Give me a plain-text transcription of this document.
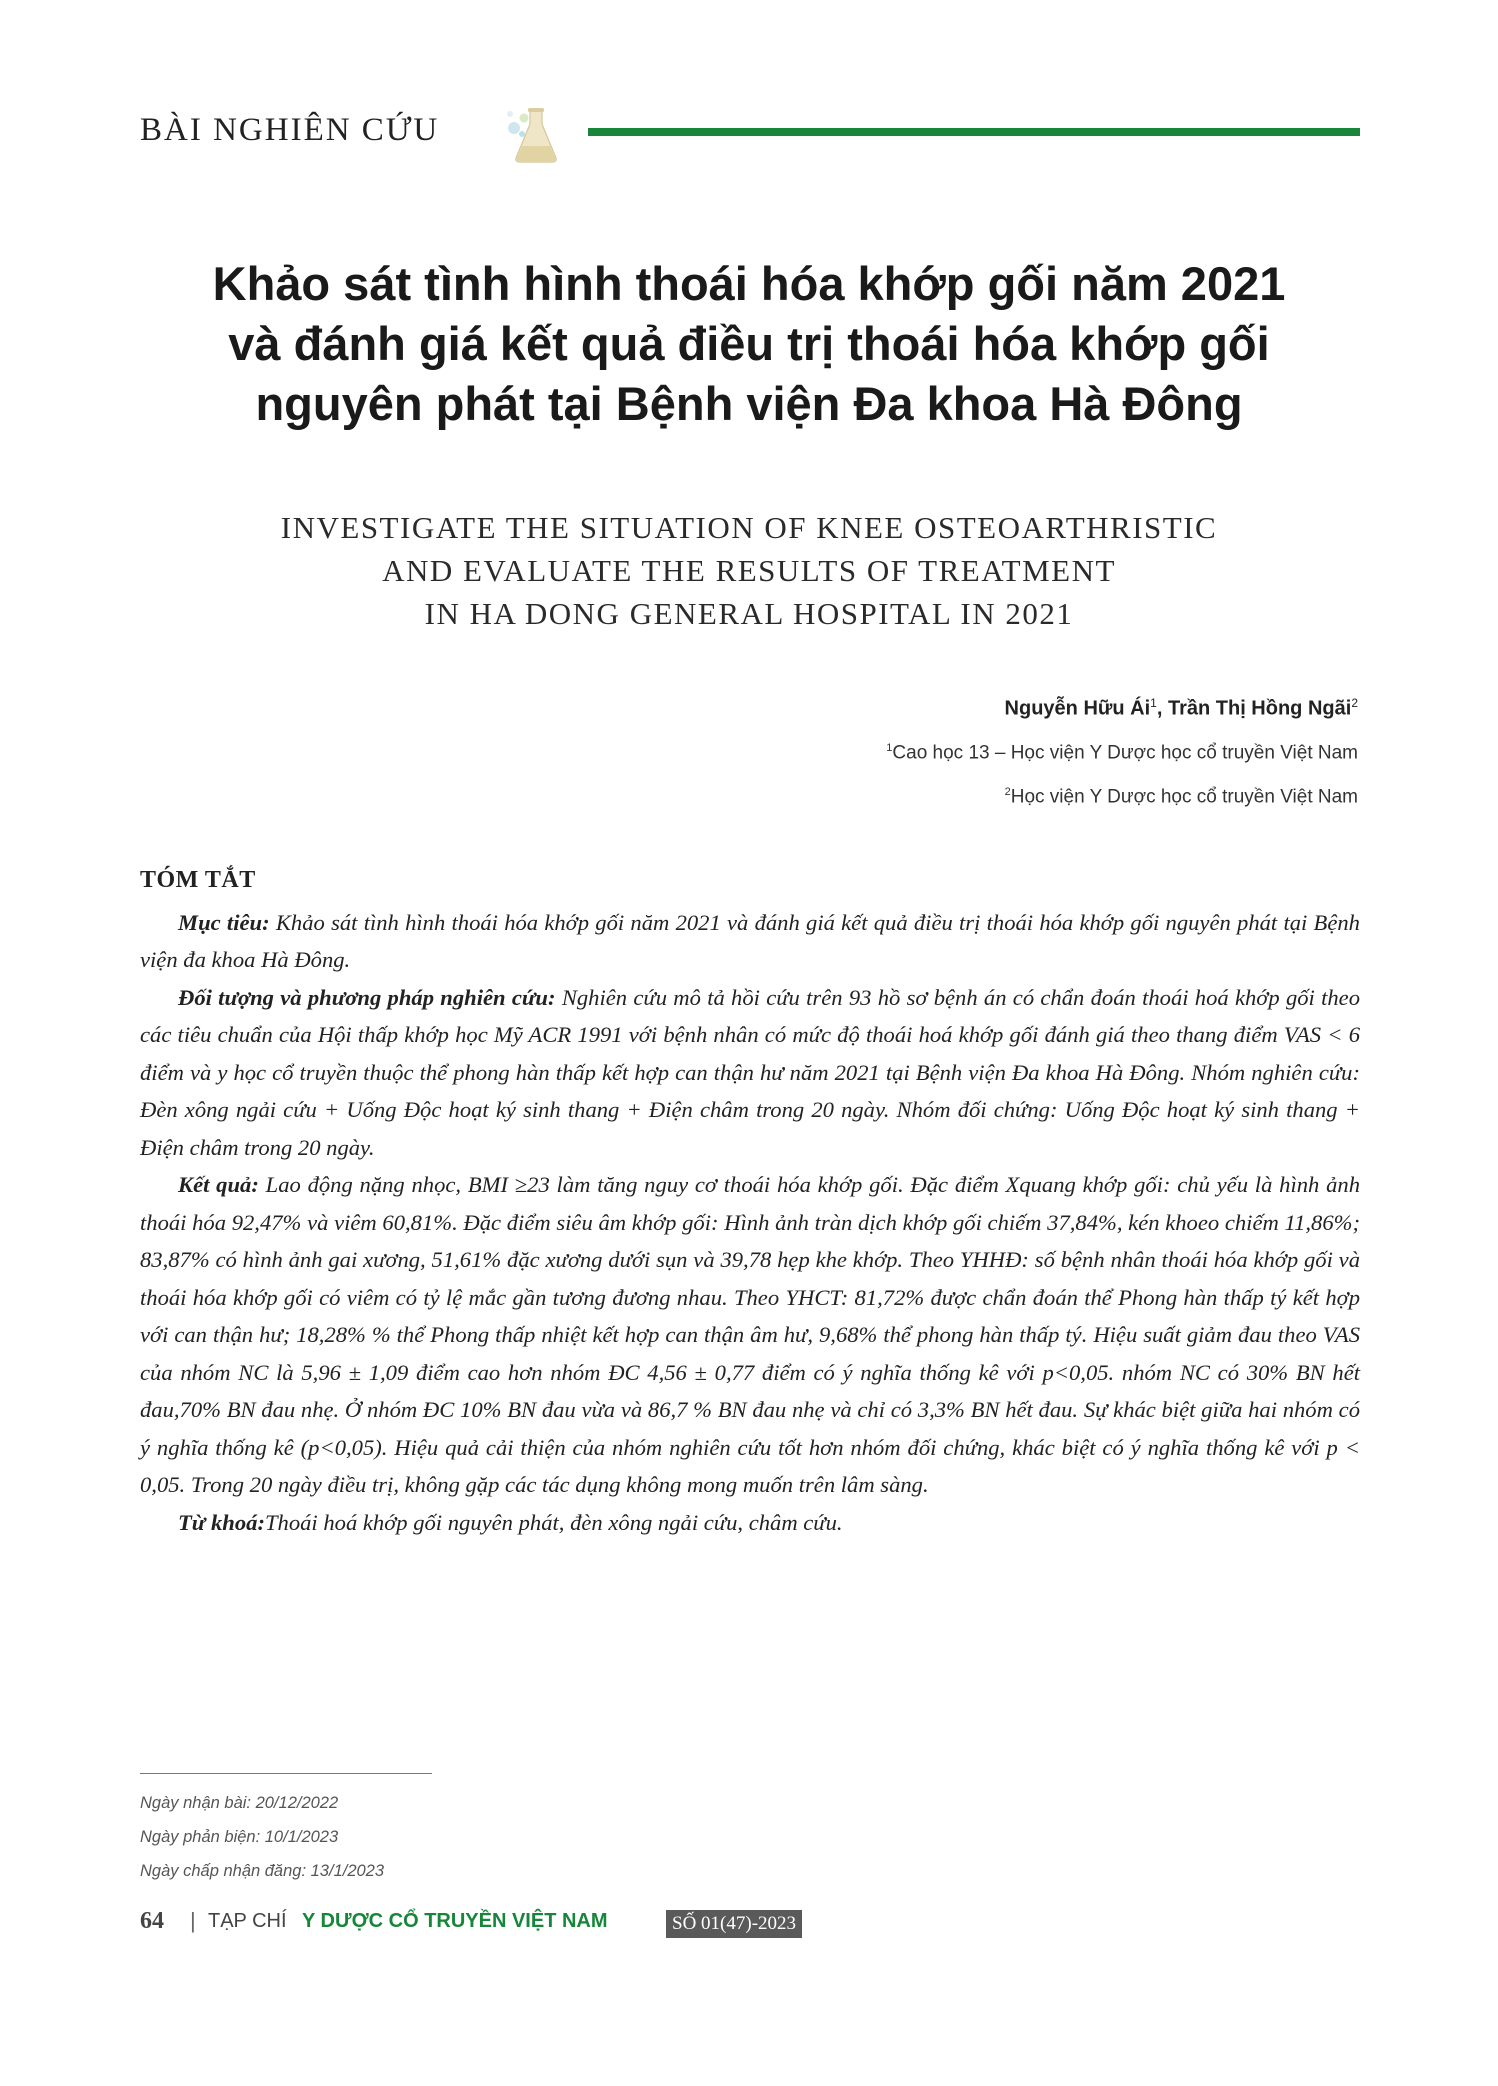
BÀI NGHIÊN CỨU
Khảo sát tình hình thoái hóa khớp gối năm 2021
và đánh giá kết quả điều trị thoái hóa khớp gối
nguyên phát tại Bệnh viện Đa khoa Hà Đông
INVESTIGATE THE SITUATION OF KNEE OSTEOARTHRISTIC
AND EVALUATE THE RESULTS OF TREATMENT
IN HA DONG GENERAL HOSPITAL IN 2021
Nguyễn Hữu $Ái^1$, Trần Thị Hồng Ngãi$^2$
$^1$Cao học 13 – Học viện Y Dược học cổ truyền Việt Nam
$^2$Học viện Y Dược học cổ truyền Việt Nam
TÓM TẮT

Mục tiêu: Khảo sát tình hình thoái hóa khớp gối năm 2021 và đánh giá kết quả điều trị thoái hóa khớp gối nguyên phát tại Bệnh viện đa khoa Hà Đông.

Đối tượng và phương pháp nghiên cứu: Nghiên cứu mô tả hồi cứu trên 93 hồ sơ bệnh án có chẩn đoán thoái hoá khớp gối theo các tiêu chuẩn của Hội thấp khớp học Mỹ ACR 1991 với bệnh nhân có mức độ thoái hoá khớp gối đánh giá theo thang điểm VAS < 6 điểm và y học cổ truyền thuộc thể phong hàn thấp kết hợp can thận hư năm 2021 tại Bệnh viện Đa khoa Hà Đông. Nhóm nghiên cứu: Đèn xông ngải cứu + Uống Độc hoạt ký sinh thang + Điện châm trong 20 ngày. Nhóm đối chứng: Uống Độc hoạt ký sinh thang + Điện châm trong 20 ngày.

Kết quả: Lao động nặng nhọc, BMI ≥23 làm tăng nguy cơ thoái hóa khớp gối. Đặc điểm Xquang khớp gối: chủ yếu là hình ảnh thoái hóa 92,47% và viêm 60,81%. Đặc điểm siêu âm khớp gối: Hình ảnh tràn dịch khớp gối chiếm 37,84%, kén khoeo chiếm 11,86%; 83,87% có hình ảnh gai xương, 51,61% đặc xương dưới sụn và 39,78 hẹp khe khớp. Theo YHHĐ: số bệnh nhân thoái hóa khớp gối và thoái hóa khớp gối có viêm có tỷ lệ mắc gần tương đương nhau. Theo YHCT: 81,72% được chẩn đoán thể Phong hàn thấp tý kết hợp với can thận hư; 18,28% % thể Phong thấp nhiệt kết hợp can thận âm hư, 9,68% thể phong hàn thấp tý. Hiệu suất giảm đau theo VAS của nhóm NC là 5,96 ± 1,09 điểm cao hơn nhóm ĐC 4,56 ± 0,77 điểm có ý nghĩa thống kê với p<0,05. nhóm NC có 30% BN hết đau,70% BN đau nhẹ. Ở nhóm ĐC 10% BN đau vừa và 86,7 % BN đau nhẹ và chỉ có 3,3% BN hết đau. Sự khác biệt giữa hai nhóm có ý nghĩa thống kê (p<0,05). Hiệu quả cải thiện của nhóm nghiên cứu tốt hơn nhóm đối chứng, khác biệt có ý nghĩa thống kê với p < 0,05. Trong 20 ngày điều trị, không gặp các tác dụng không mong muốn trên lâm sàng.

Từ khoá:Thoái hoá khớp gối nguyên phát, đèn xông ngải cứu, châm cứu.

Ngày nhận bài: 20/12/2022
Ngày phản biện: 10/1/2023
Ngày chấp nhận đăng: 13/1/2023
64 | TẠP CHÍ Y DƯỢC CỔ TRUYỀN VIỆT NAM	SỐ 01(47)-2023
